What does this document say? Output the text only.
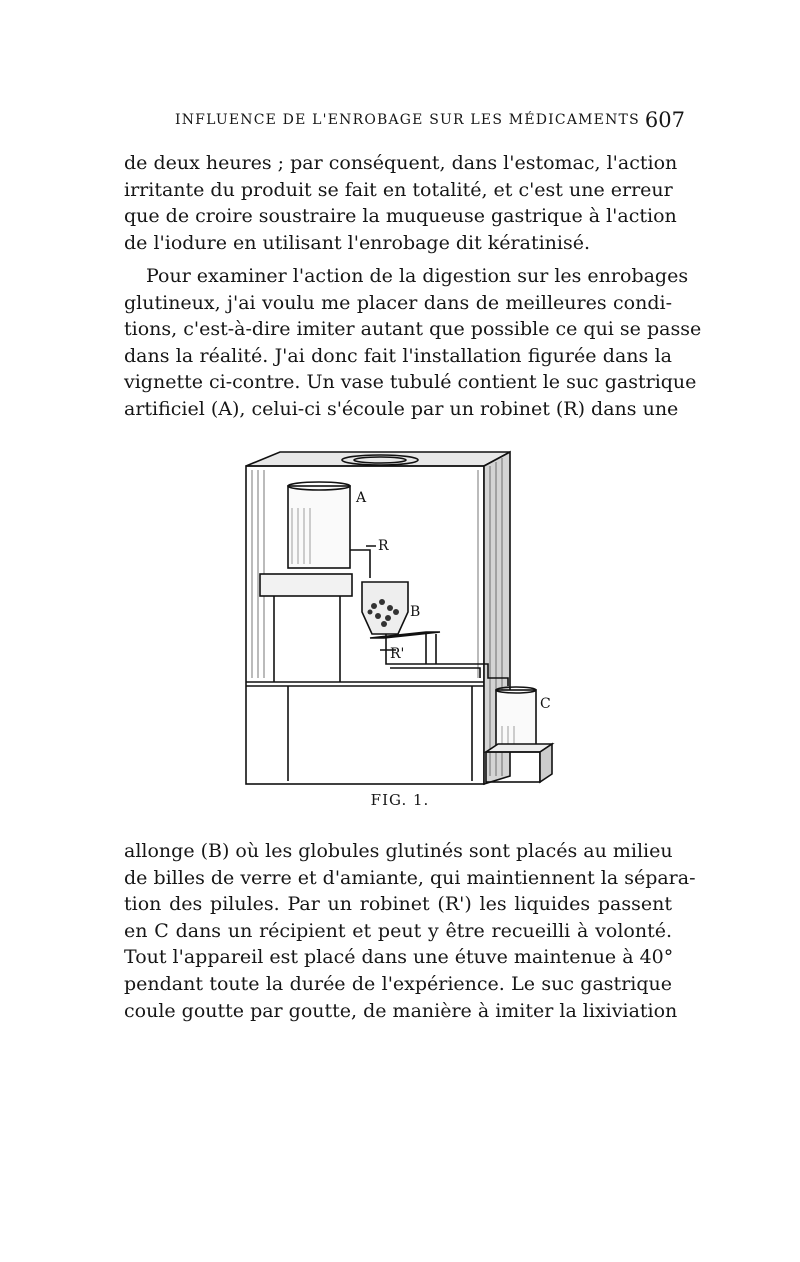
INFLUENCE DE L'ENROBAGE SUR LES MÉDICAMENTS 607
de deux heures ; par conséquent, dans l'estomac, l'action
irritante du produit se fait en totalité, et c'est une erreur
que de croire soustraire la muqueuse gastrique à l'action
de l'iodure en utilisant l'enrobage dit kératinisé.
Pour examiner l'action de la digestion sur les enrobages
glutineux, j'ai voulu me placer dans de meilleures condi-
tions, c'est-à-dire imiter autant que possible ce qui se passe
dans la réalité. J'ai donc fait l'installation figurée dans la
vignette ci-contre. Un vase tubulé contient le suc gastrique
artificiel (A), celui-ci s'écoule par un robinet (R) dans une
A
R
B
R'
C
FIG. 1.
allonge (B) où les globules glutinés sont placés au milieu
de billes de verre et d'amiante, qui maintiennent la sépara-
tion des pilules. Par un robinet (R') les liquides passent
en C dans un récipient et peut y être recueilli à volonté.
Tout l'appareil est placé dans une étuve maintenue à 40°
pendant toute la durée de l'expérience. Le suc gastrique
coule goutte par goutte, de manière à imiter la lixiviation
